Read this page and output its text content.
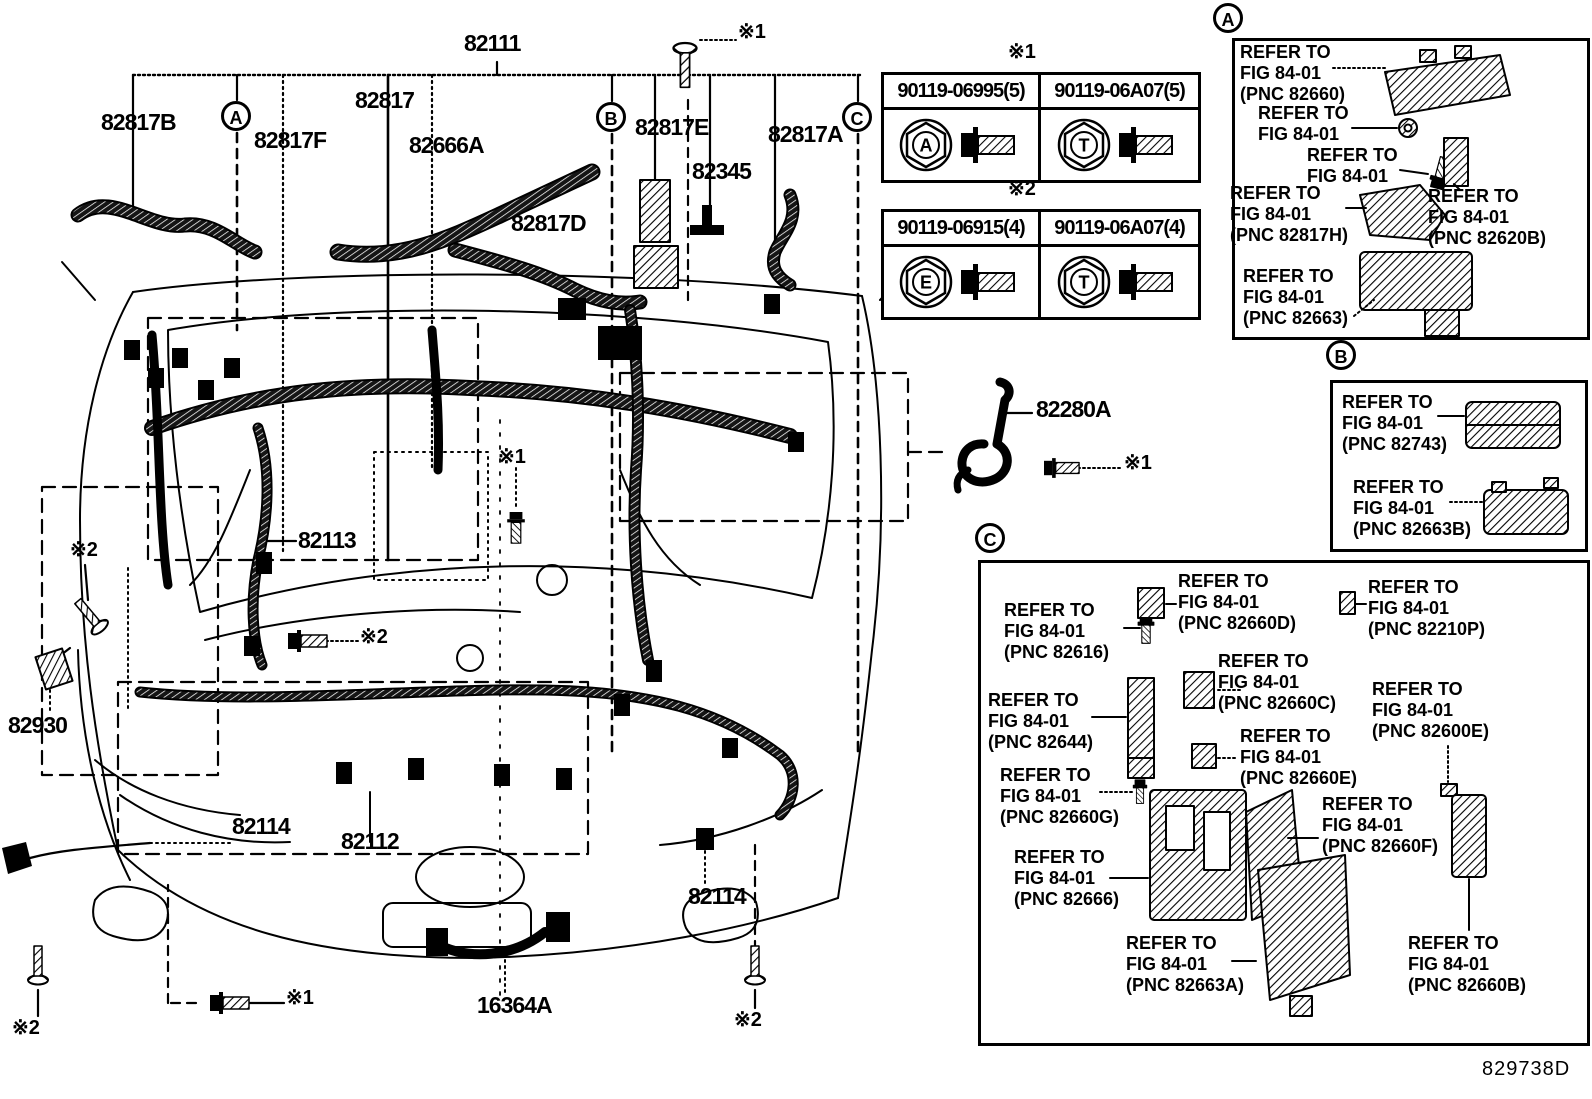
82111
82817B
82817F
82817
82666A
82817E
82345
82817A
82817D
82113
82930
82114
82112
82114
16364A
82280A
※1
※1
※2
※2
※1
※2	※2
※1
A	B	C
※1
90119-06995(5)	90119-06A07(5)
A	T
※2
90119-06915(4)	90119-06A07(4)
E	T
A
REFER TO
FIG 84-01
(PNC 82660)
REFER TO
FIG 84-01
REFER TO
FIG 84-01
REFER TO
FIG 84-01
(PNC 82817H)
REFER TO
FIG 84-01
(PNC 82620B)
REFER TO
FIG 84-01
(PNC 82663)
B
REFER TO
FIG 84-01
(PNC 82743)
REFER TO
FIG 84-01
(PNC 82663B)
C
REFER TO
FIG 84-01
(PNC 82616)
REFER TO
FIG 84-01
(PNC 82660D)
REFER TO
FIG 84-01
(PNC 82210P)
REFER TO
FIG 84-01
(PNC 82660C)
REFER TO
FIG 84-01
(PNC 82600E)
REFER TO
FIG 84-01
(PNC 82644)	REFER TO
FIG 84-01
(PNC 82660E)
REFER TO
FIG 84-01
(PNC 82660G)
REFER TO
FIG 84-01
(PNC 82660F)
REFER TO
FIG 84-01
(PNC 82666)
REFER TO
FIG 84-01
(PNC 82663A)
REFER TO
FIG 84-01
(PNC 82660B)
829738D
